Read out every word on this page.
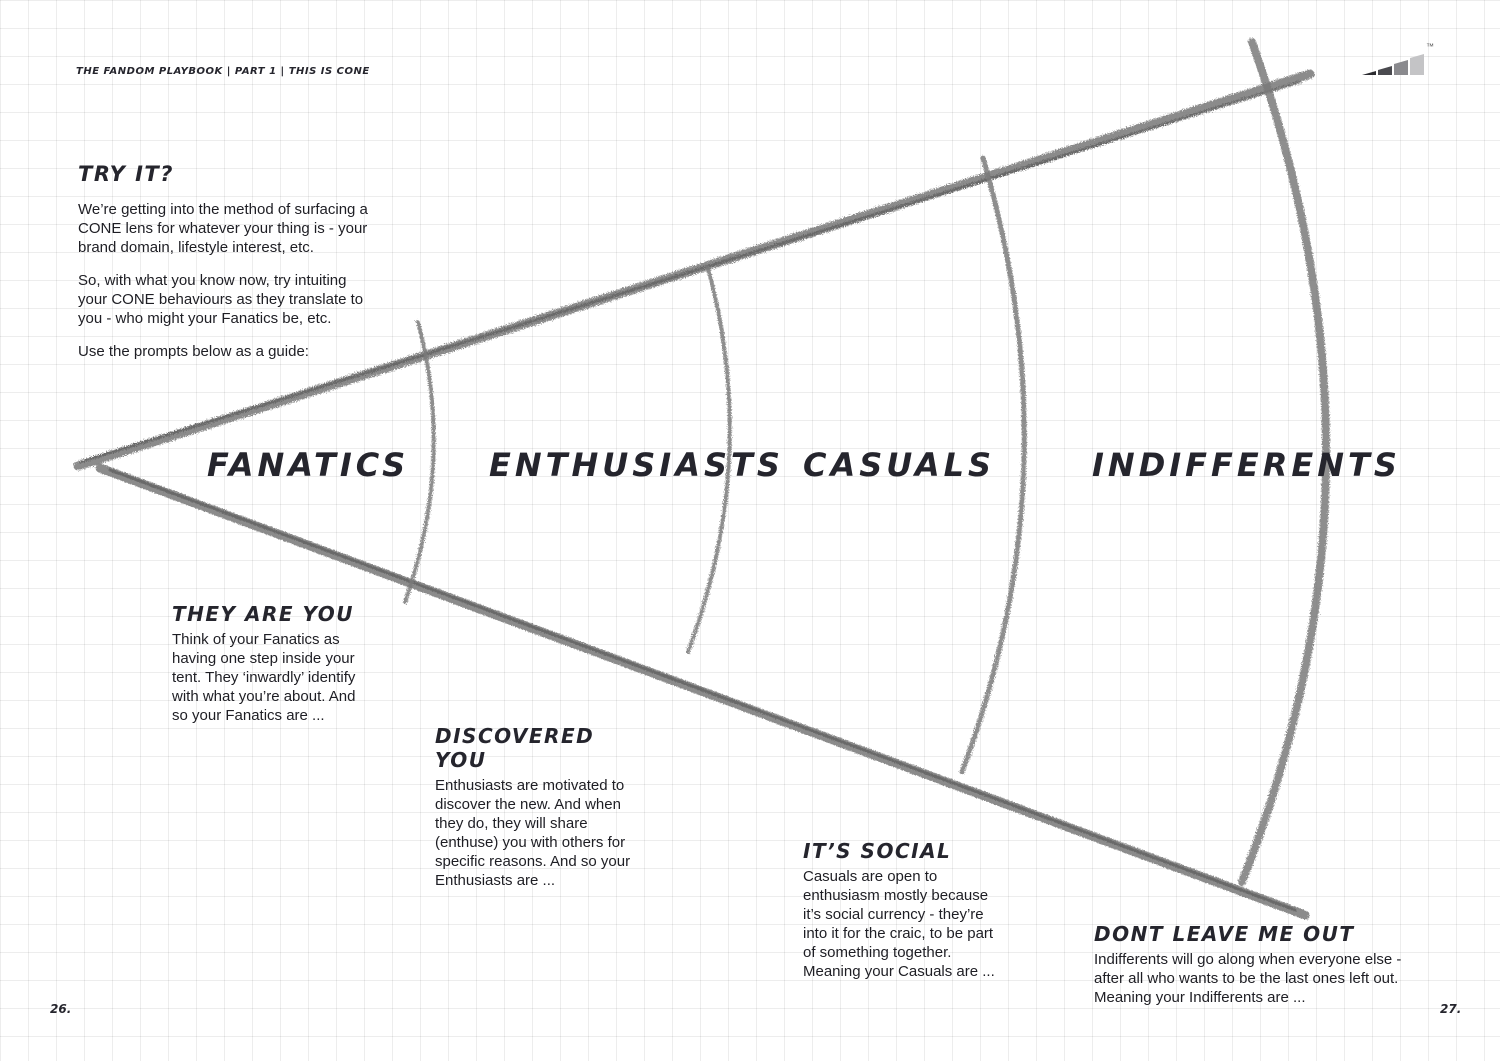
THE FANDOM PLAYBOOK | PART 1 | THIS IS CONE
™
TRY IT?

We’re getting into the method of surfacing a CONE lens for whatever your thing is - your brand domain, lifestyle interest, etc.

So, with what you know now, try intuiting your CONE behaviours as they translate to you - who might your Fanatics be, etc.

Use the prompts below as a guide:

FANATICS ENTHUSIASTS CASUALS	INDIFFERENTS
THEY ARE YOU

Think of your Fanatics as having one step inside your tent. They ‘inwardly’ identify with what you’re about. And so your Fanatics are ...

DISCOVERED YOU

Enthusiasts are motivated to discover the new. And when they do, they will share (enthuse) you with others for specific reasons. And so your Enthusiasts are ...

IT’S SOCIAL

Casuals are open to enthusiasm mostly because it’s social currency - they’re into it for the craic, to be part of something together. Meaning your Casuals are ...

DONT LEAVE ME OUT

Indifferents will go along when everyone else - after all who wants to be the last ones left out. Meaning your Indifferents are ...

26.	27.
